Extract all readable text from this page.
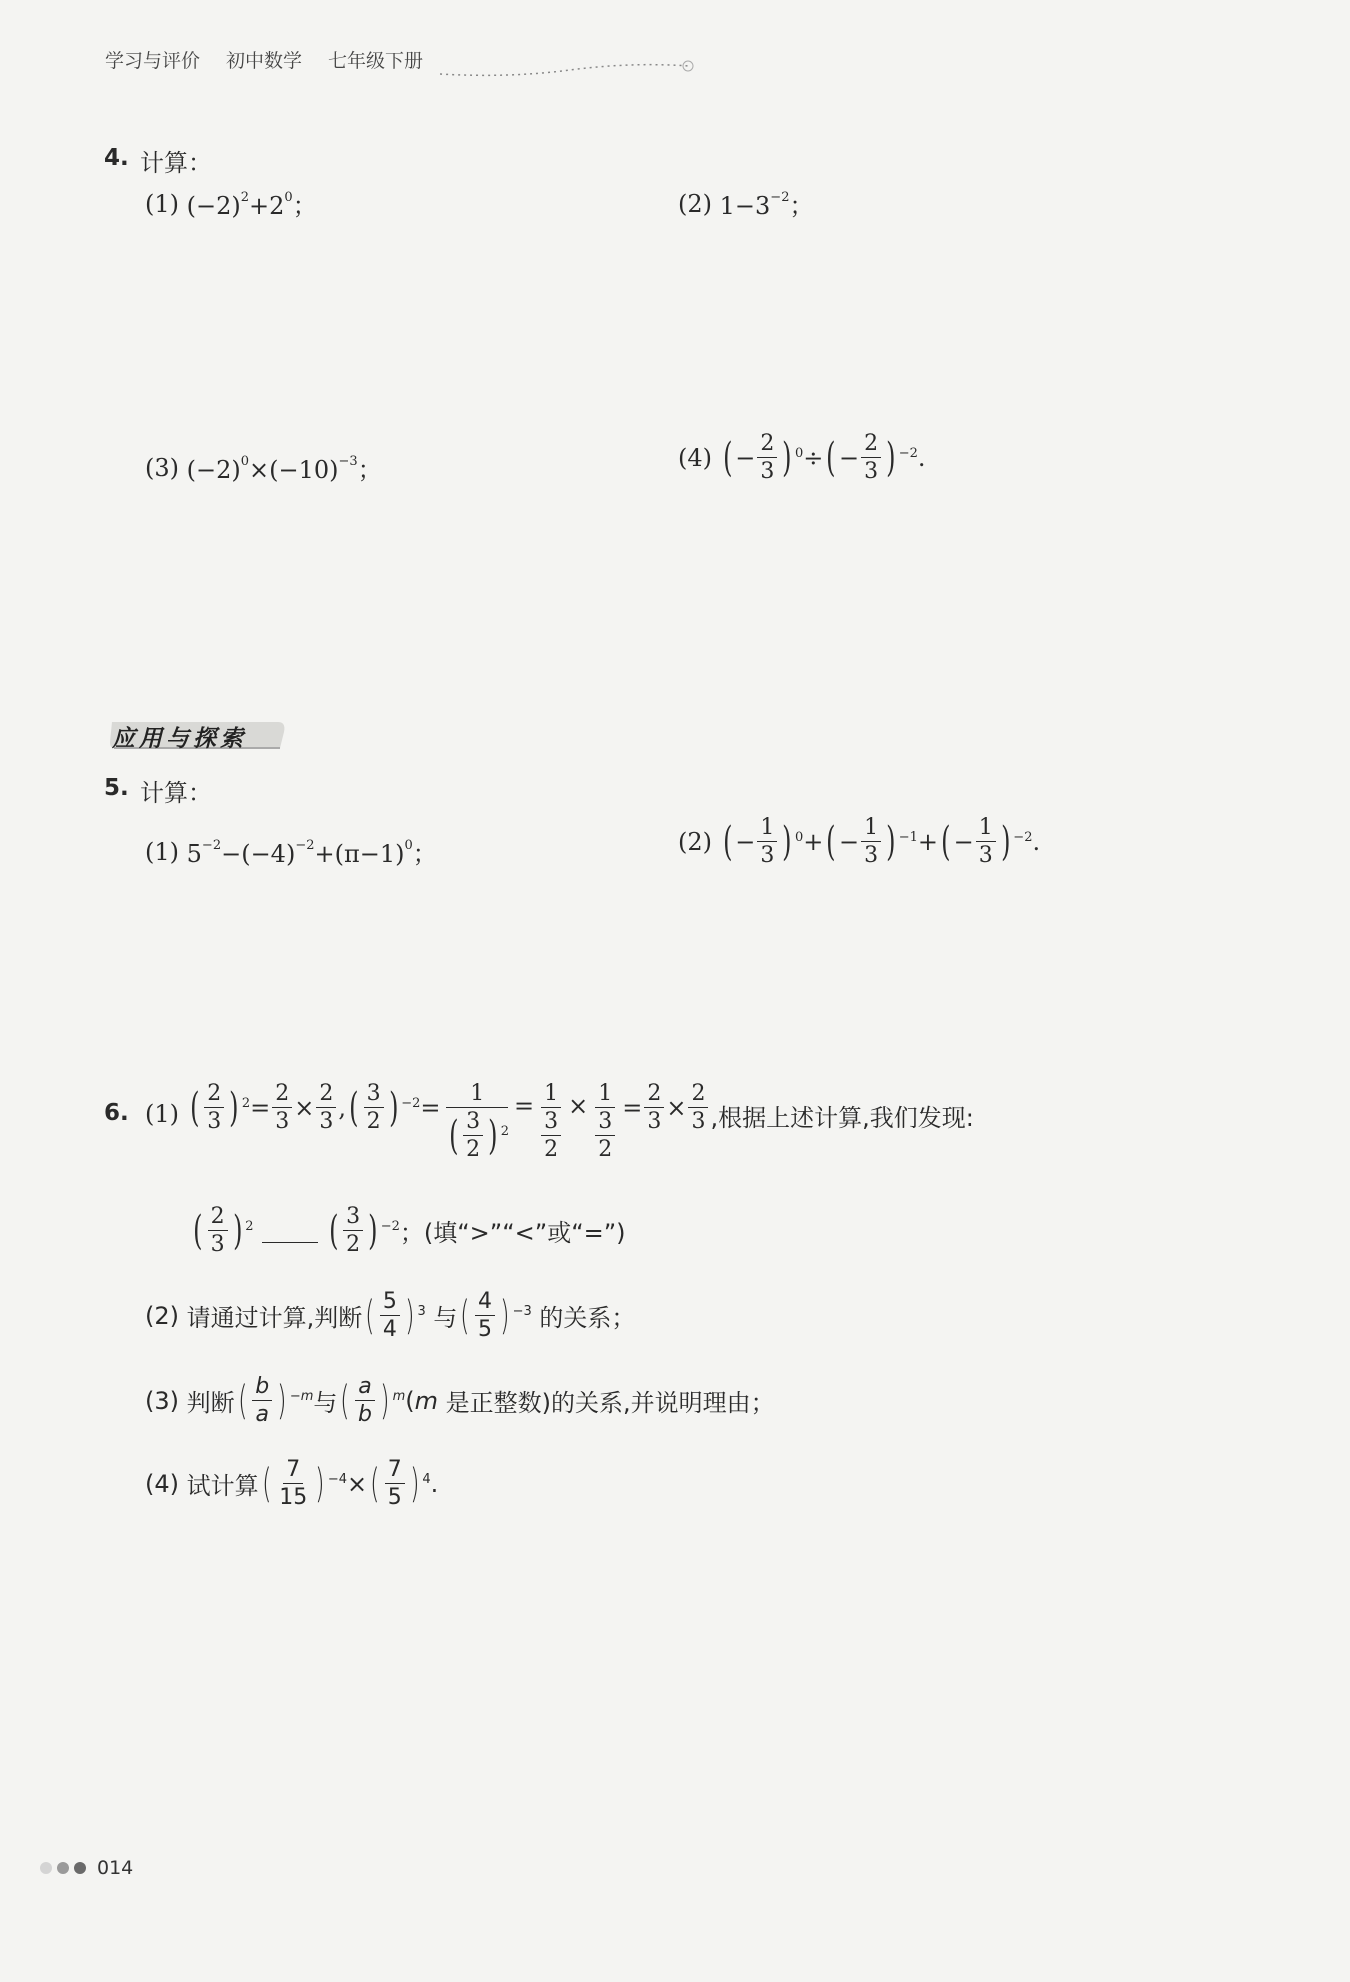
学习与评价 初中数学 七年级下册
4. 计算：
(1)
$(-2)^2+2^0$；	(2)
$1-3^{-2}$；
(3)
$(-2)^0\times(-10)^{-3}$；	(4)
( − $\frac{2}{3} )^0$ ÷ ( − $\frac{2}{3} )^{-2}$ .
应用与探索
5. 计算：
(1)
$5^{-2}-(-4)^{-2}+(\pi-1)^0$；	(2)
( − $\frac{1}{3} )^0$ + ( − $\frac{1}{3} )^{-1}$ + ( − $\frac{1}{3} )^{-2}$ .
6. (1)
( $\frac{2}{3} )^2 = \frac{2}{3} \times \frac{2}{3}$ , ( $\frac{3}{2} )^{-2} = \frac{1}{( \frac{3}{2} )^2} = \frac{1}{\frac{3}{2}} \times \frac{1}{\frac{3}{2}} = \frac{2}{3} \times \frac{2}{3}$ ,根据上述计算,我们发现:
( $\frac{2}{3} )^2$ ( $\frac{3}{2} )^{-2}$ ；(填“>”“<”或“=”)
(2) 请通过计算,判断 ( $\frac{5}{4} )^3$ 与 ( $\frac{4}{5} )^{-3}$ 的关系；
(3) 判断 ( $\frac{b}{a} )^{-m}$ 与 ( $\frac{a}{b} )^m$ ( m 是正整数)的关系,并说明理由；
(4) 试计算 ( $\frac{7}{15} )^{-4}$ × ( $\frac{7}{5} )^4$ .
014
